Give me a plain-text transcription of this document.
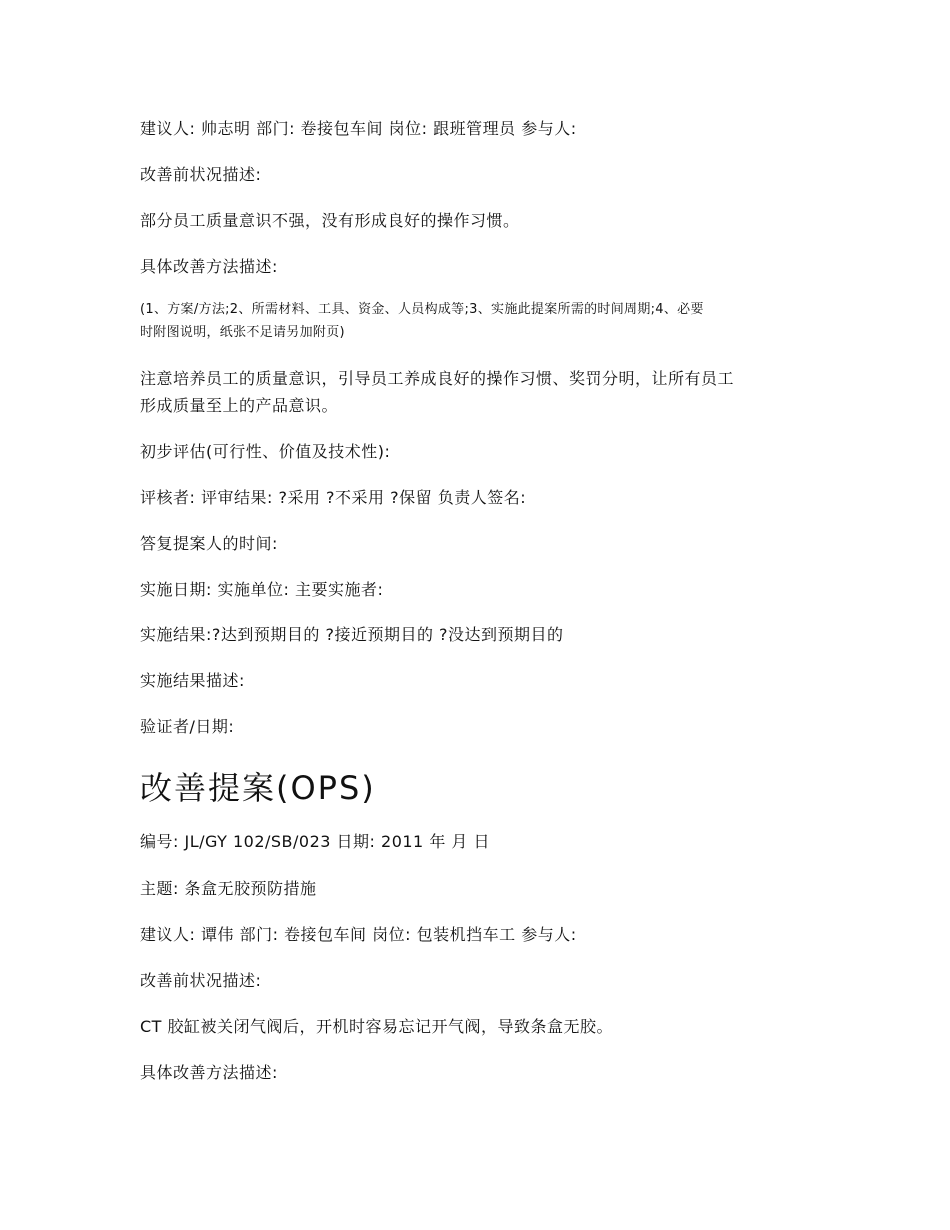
建议人: 帅志明 部门: 卷接包车间 岗位: 跟班管理员 参与人:
改善前状况描述:
部分员工质量意识不强，没有形成良好的操作习惯。
具体改善方法描述:
(1、方案/方法;2、所需材料、工具、资金、人员构成等;3、实施此提案所需的时间周期;4、必要
时附图说明，纸张不足请另加附页)
注意培养员工的质量意识，引导员工养成良好的操作习惯、奖罚分明，让所有员工
形成质量至上的产品意识。
初步评估(可行性、价值及技术性):
评核者: 评审结果: ?采用 ?不采用 ?保留 负责人签名:
答复提案人的时间:
实施日期: 实施单位: 主要实施者:
实施结果:?达到预期目的 ?接近预期目的 ?没达到预期目的
实施结果描述:
验证者/日期:
改善提案(OPS)
编号: JL/GY 102/SB/023 日期: 2011 年 月 日
主题: 条盒无胶预防措施
建议人: 谭伟 部门: 卷接包车间 岗位: 包装机挡车工 参与人:
改善前状况描述:
CT 胶缸被关闭气阀后，开机时容易忘记开气阀，导致条盒无胶。
具体改善方法描述:
